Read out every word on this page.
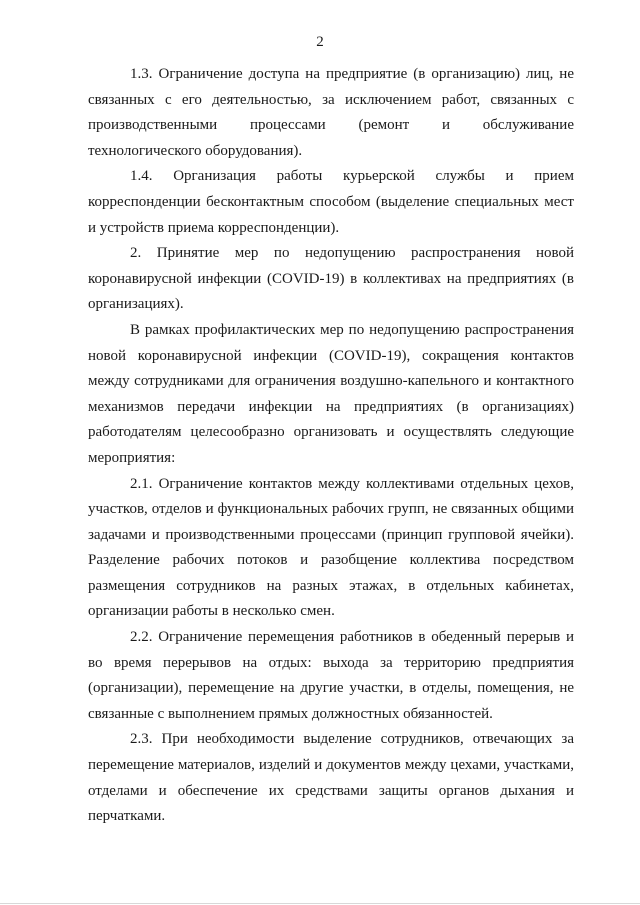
2

1.3. Ограничение доступа на предприятие (в организацию) лиц, не связанных с его деятельностью, за исключением работ, связанных с производственными процессами (ремонт и обслуживание технологического оборудования).

1.4. Организация работы курьерской службы и прием корреспонденции бесконтактным способом (выделение специальных мест и устройств приема корреспонденции).

2. Принятие мер по недопущению распространения новой коронавирусной инфекции (COVID-19) в коллективах на предприятиях (в организациях).

В рамках профилактических мер по недопущению распространения новой коронавирусной инфекции (COVID-19), сокращения контактов между сотрудниками для ограничения воздушно-капельного и контактного механизмов передачи инфекции на предприятиях (в организациях) работодателям целесообразно организовать и осуществлять следующие мероприятия:

2.1. Ограничение контактов между коллективами отдельных цехов, участков, отделов и функциональных рабочих групп, не связанных общими задачами и производственными процессами (принцип групповой ячейки). Разделение рабочих потоков и разобщение коллектива посредством размещения сотрудников на разных этажах, в отдельных кабинетах, организации работы в несколько смен.

2.2. Ограничение перемещения работников в обеденный перерыв и во время перерывов на отдых: выхода за территорию предприятия (организации), перемещение на другие участки, в отделы, помещения, не связанные с выполнением прямых должностных обязанностей.

2.3. При необходимости выделение сотрудников, отвечающих за перемещение материалов, изделий и документов между цехами, участками, отделами и обеспечение их средствами защиты органов дыхания и перчатками.
